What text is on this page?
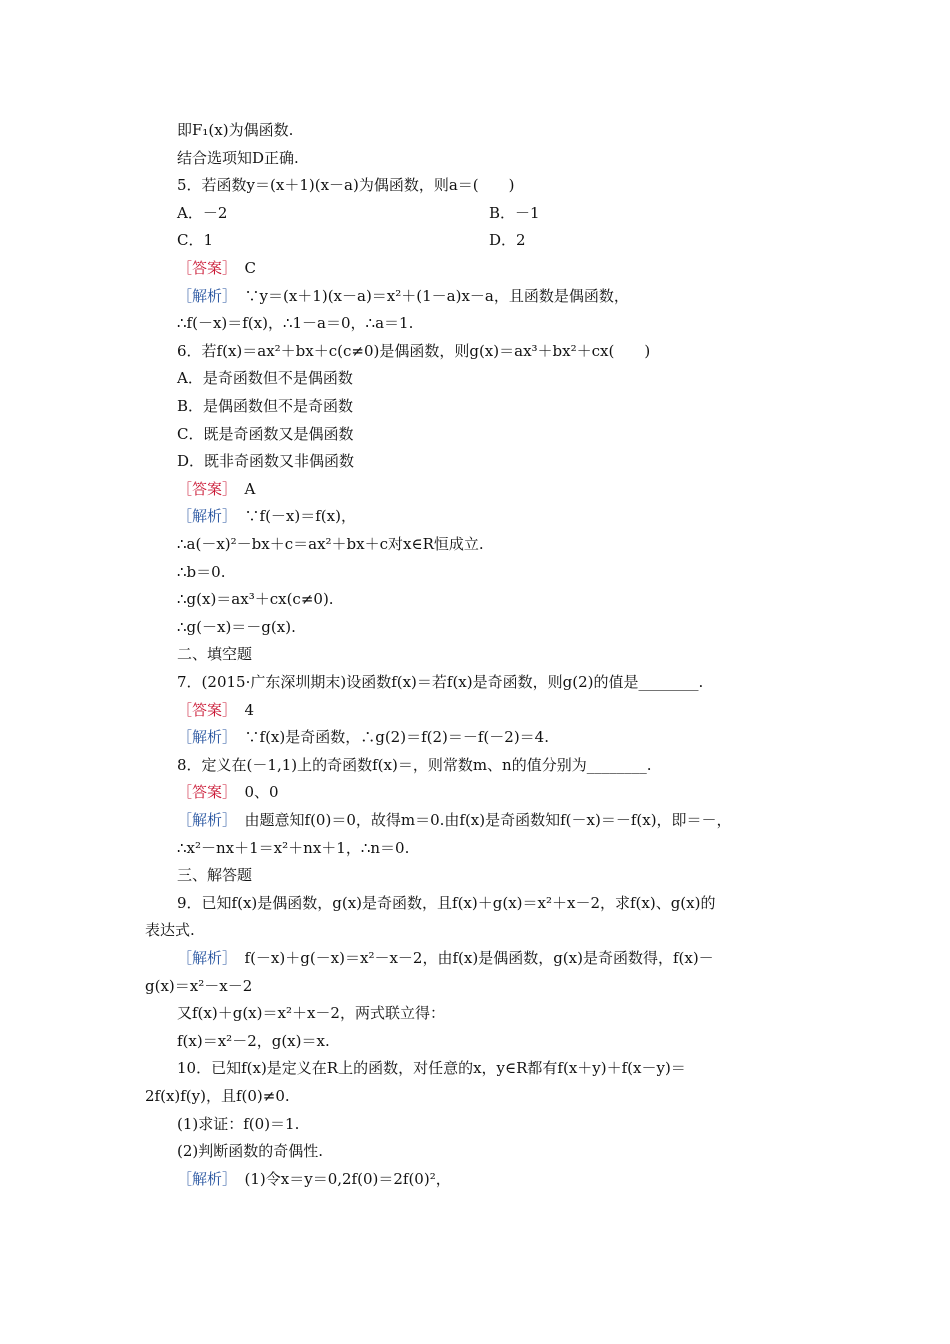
即F₁(x)为偶函数.
结合选项知D正确.
5．若函数y＝(x＋1)(x－a)为偶函数，则a＝(　　)
A．－2	B．－1
C．1	D．2
［答案］　C
［解析］　∵y＝(x＋1)(x－a)＝x²＋(1－a)x－a，且函数是偶函数，
∴f(－x)＝f(x)，∴1－a＝0，∴a＝1.
6．若f(x)＝ax²＋bx＋c(c≠0)是偶函数，则g(x)＝ax³＋bx²＋cx(　　)
A．是奇函数但不是偶函数
B．是偶函数但不是奇函数
C．既是奇函数又是偶函数
D．既非奇函数又非偶函数
［答案］　A
［解析］　∵f(－x)＝f(x)，
∴a(－x)²－bx＋c＝ax²＋bx＋c对x∈R恒成立.
∴b＝0.
∴g(x)＝ax³＋cx(c≠0).
∴g(－x)＝－g(x).
二、填空题
7．(2015·广东深圳期末)设函数f(x)＝若f(x)是奇函数，则g(2)的值是________.
［答案］　4
［解析］　∵f(x)是奇函数，∴g(2)＝f(2)＝－f(－2)＝4.
8．定义在(－1,1)上的奇函数f(x)＝，则常数m、n的值分别为________.
［答案］　0、0
［解析］　由题意知f(0)＝0，故得m＝0.由f(x)是奇函数知f(－x)＝－f(x)，即＝－，
∴x²－nx＋1＝x²＋nx＋1，∴n＝0.
三、解答题
9．已知f(x)是偶函数，g(x)是奇函数，且f(x)＋g(x)＝x²＋x－2，求f(x)、g(x)的
表达式.
［解析］　f(－x)＋g(－x)＝x²－x－2，由f(x)是偶函数，g(x)是奇函数得，f(x)－
g(x)＝x²－x－2
又f(x)＋g(x)＝x²＋x－2，两式联立得：
f(x)＝x²－2，g(x)＝x.
10．已知f(x)是定义在R上的函数，对任意的x，y∈R都有f(x＋y)＋f(x－y)＝
2f(x)f(y)，且f(0)≠0.
(1)求证：f(0)＝1.
(2)判断函数的奇偶性.
［解析］　(1)令x＝y＝0,2f(0)＝2f(0)²，
